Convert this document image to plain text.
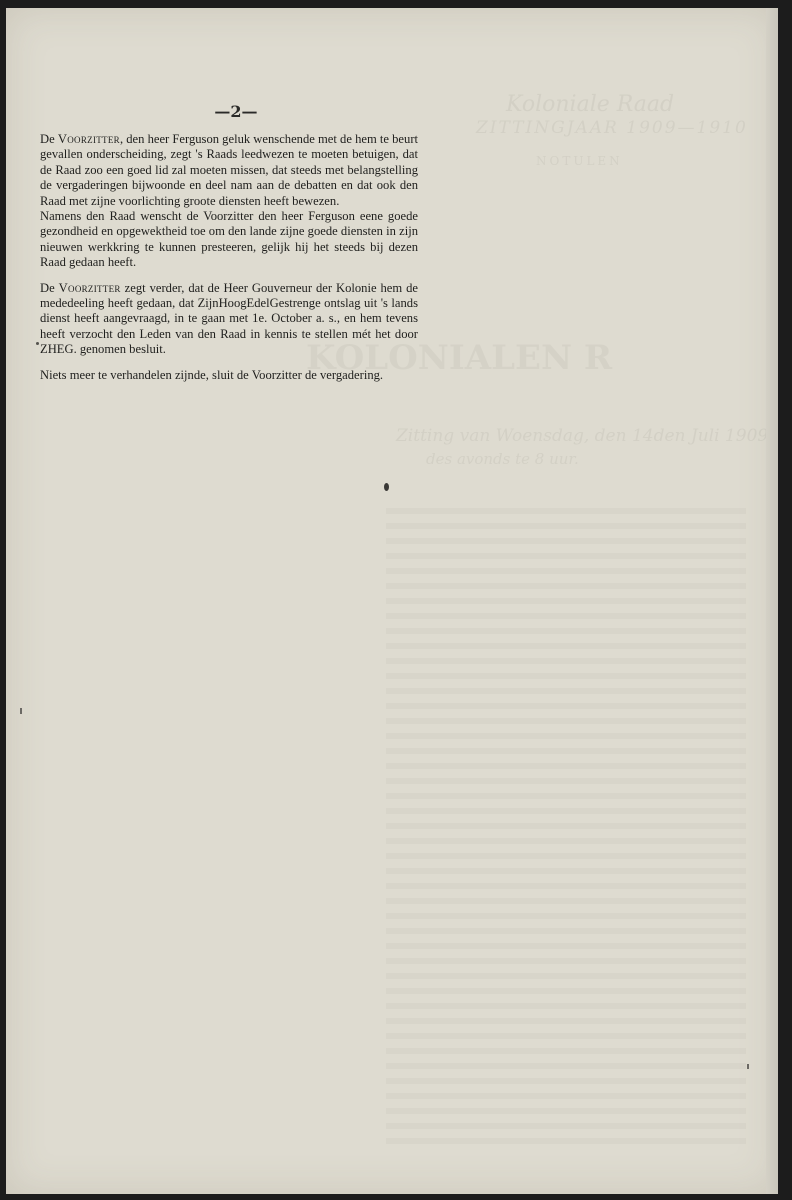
Koloniale Raad
ZITTINGJAAR 1909—1910
NOTULEN
KOLONIALEN R
Zitting van Woensdag, den 14den Juli 1909,
des avonds te 8 uur.
—2—

De Voorzitter, den heer Ferguson geluk wenschende met de hem te beurt gevallen onderscheiding, zegt 's Raads leedwezen te moeten betuigen, dat de Raad zoo een goed lid zal moeten missen, dat steeds met belangstelling de vergaderingen bijwoonde en deel nam aan de debatten en dat ook den Raad met zijne voorlichting groote diensten heeft bewezen.

Namens den Raad wenscht de Voorzitter den heer Ferguson eene goede gezondheid en opgewektheid toe om den lande zijne goede diensten in zijn nieuwen werkkring te kunnen presteeren, gelijk hij het steeds bij dezen Raad gedaan heeft.

De Voorzitter zegt verder, dat de Heer Gouverneur der Kolonie hem de mededeeling heeft gedaan, dat ZijnHoogEdelGestrenge ontslag uit 's lands dienst heeft aangevraagd, in te gaan met 1e. October a. s., en hem tevens heeft verzocht den Leden van den Raad in kennis te stellen mét het door ZHEG. genomen besluit.

Niets meer te verhandelen zijnde, sluit de Voorzitter de vergadering.
